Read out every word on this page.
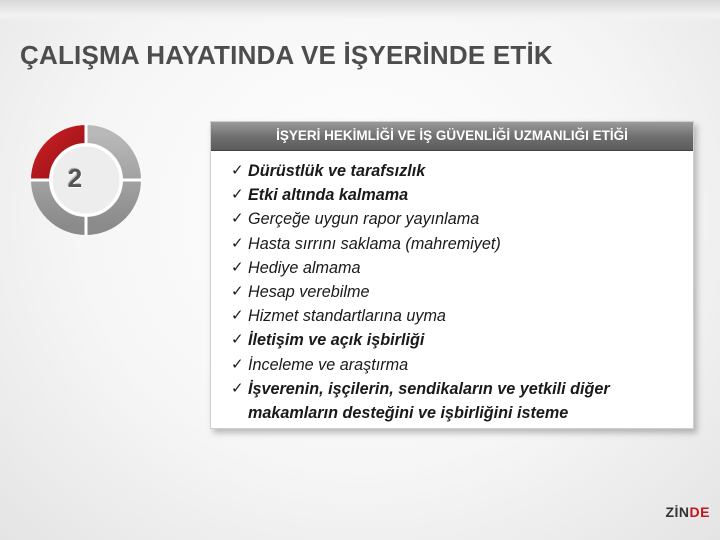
ÇALIŞMA HAYATINDA VE İŞYERİNDE ETİK
2
İŞYERİ HEKİMLİĞİ VE İŞ GÜVENLİĞİ UZMANLIĞI ETİĞİ
✓ Dürüstlük ve tarafsızlık
✓ Etki altında kalmama
✓ Gerçeğe uygun rapor yayınlama
✓ Hasta sırrını saklama (mahremiyet)
✓ Hediye almama
✓ Hesap verebilme
✓ Hizmet standartlarına uyma
✓ İletişim ve açık işbirliği
✓ İnceleme ve araştırma
✓ İşverenin, işçilerin, sendikaların ve yetkili diğer makamların desteğini ve işbirliğini isteme
ZİNDE
